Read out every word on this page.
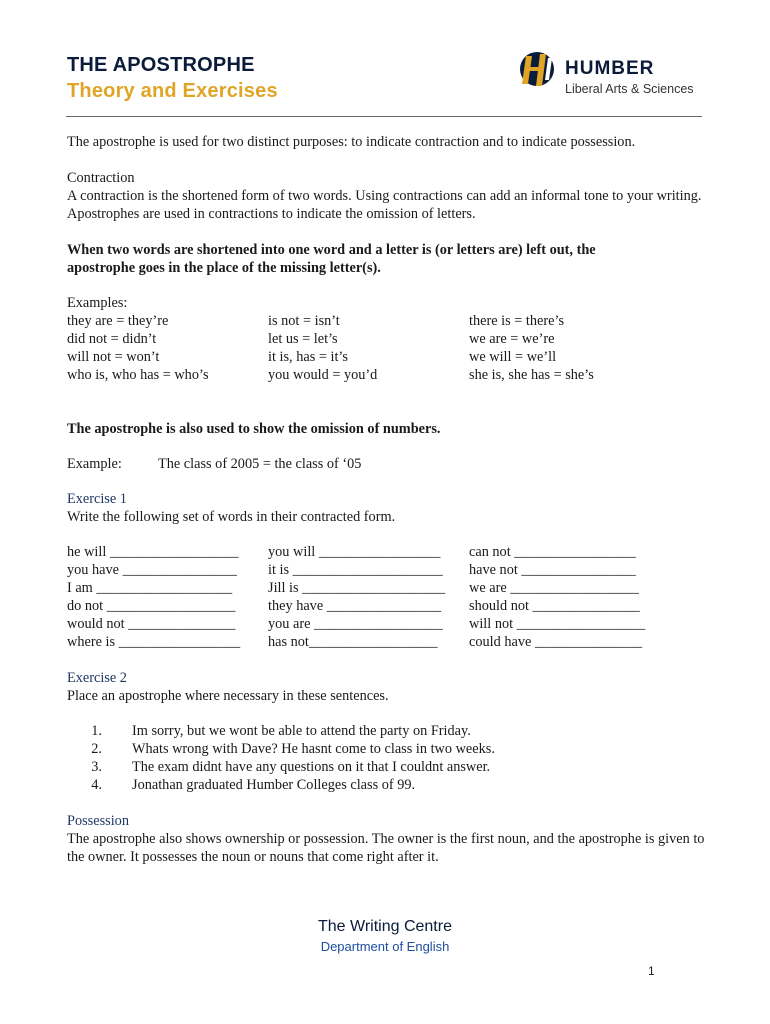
THE APOSTROPHE
Theory and Exercises
HUMBER
Liberal Arts & Sciences
The apostrophe is used for two distinct purposes: to indicate contraction and to indicate possession.
Contraction
A contraction is the shortened form of two words. Using contractions can add an informal tone to your writing. Apostrophes are used in contractions to indicate the omission of letters.
When two words are shortened into one word and a letter is (or letters are) left out, the apostrophe goes in the place of the missing letter(s).
Examples:
they are = they’re
did not = didn’t
will not = won’t
who is, who has = who’s
is not = isn’t
let us = let’s
it is, has = it’s
you would = you’d
there is = there’s
we are = we’re
we will = we’ll
she is, she has = she’s
The apostrophe is also used to show the omission of numbers.
Example:	The class of 2005 = the class of ‘05
Exercise 1
Write the following set of words in their contracted form.
he will __________________
you have ________________
I am ___________________
do not __________________
would not _______________
where is _________________
you will _________________
it is _____________________
Jill is ____________________
they have ________________
you are __________________
has not__________________
can not _________________
have not ________________
we are __________________
should not _______________
will not __________________
could have _______________
Exercise 2
Place an apostrophe where necessary in these sentences.
1. Im sorry, but we wont be able to attend the party on Friday.
2. Whats wrong with Dave? He hasnt come to class in two weeks.
3. The exam didnt have any questions on it that I couldnt answer.
4. Jonathan graduated Humber Colleges class of 99.
Possession
The apostrophe also shows ownership or possession. The owner is the first noun, and the apostrophe is given to the owner. It possesses the noun or nouns that come right after it.
The Writing Centre
Department of English
1
